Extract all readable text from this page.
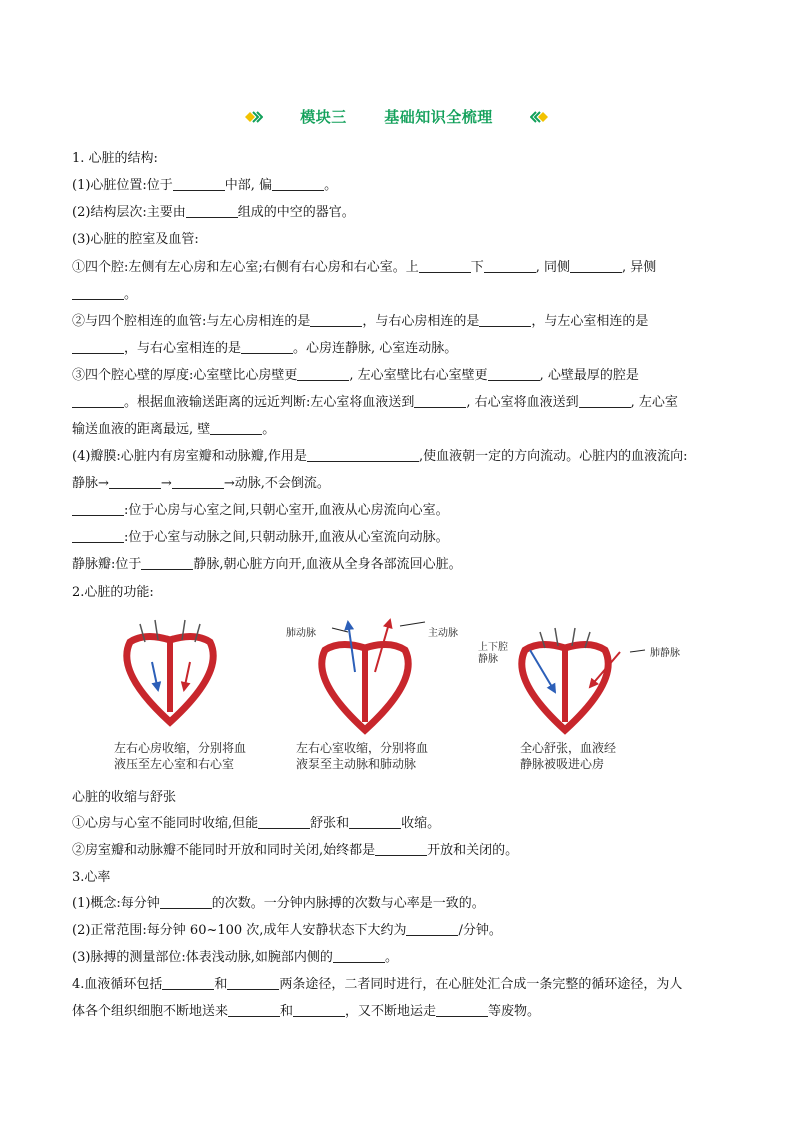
模块三 基础知识全梳理
1. 心脏的结构:
(1)心脏位置:位于	中部, 偏	。
(2)结构层次:主要由	组成的中空的器官。
(3)心脏的腔室及血管:
①四个腔:左侧有左心房和左心室;右侧有右心房和右心室。上	下	, 同侧	, 异侧
。
②与四个腔相连的血管:与左心房相连的是	，与右心房相连的是	，与左心室相连的是
，与右心室相连的是	。心房连静脉, 心室连动脉。
③四个腔心壁的厚度:心室壁比心房壁更	, 左心室壁比右心室壁更	, 心壁最厚的腔是
。根据血液输送距离的远近判断:左心室将血液送到	, 右心室将血液送到	, 左心室
输送血液的距离最远, 壁	。
(4)瓣膜:心脏内有房室瓣和动脉瓣,作用是	,使血液朝一定的方向流动。心脏内的血液流向:
静脉→	→	→动脉,不会倒流。
:位于心房与心室之间,只朝心室开,血液从心房流向心室。
:位于心室与动脉之间,只朝动脉开,血液从心室流向动脉。
静脉瓣:位于	静脉,朝心脏方向开,血液从全身各部流回心脏。
2.心脏的功能:
肺动脉	主动脉
上下腔
静脉
肺静脉
左右心房收缩，分别将血
液压至左心室和右心室
左右心室收缩，分别将血
液泵至主动脉和肺动脉
全心舒张，血液经
静脉被吸进心房
心脏的收缩与舒张
①心房与心室不能同时收缩,但能	舒张和	收缩。
②房室瓣和动脉瓣不能同时开放和同时关闭,始终都是	开放和关闭的。
3.心率
(1)概念:每分钟	的次数。一分钟内脉搏的次数与心率是一致的。
(2)正常范围:每分钟 60~100 次,成年人安静状态下大约为	/分钟。
(3)脉搏的测量部位:体表浅动脉,如腕部内侧的	。
4.血液循环包括	和	两条途径，二者同时进行，在心脏处汇合成一条完整的循环途径，为人
体各个组织细胞不断地送来	和	，又不断地运走	等废物。
